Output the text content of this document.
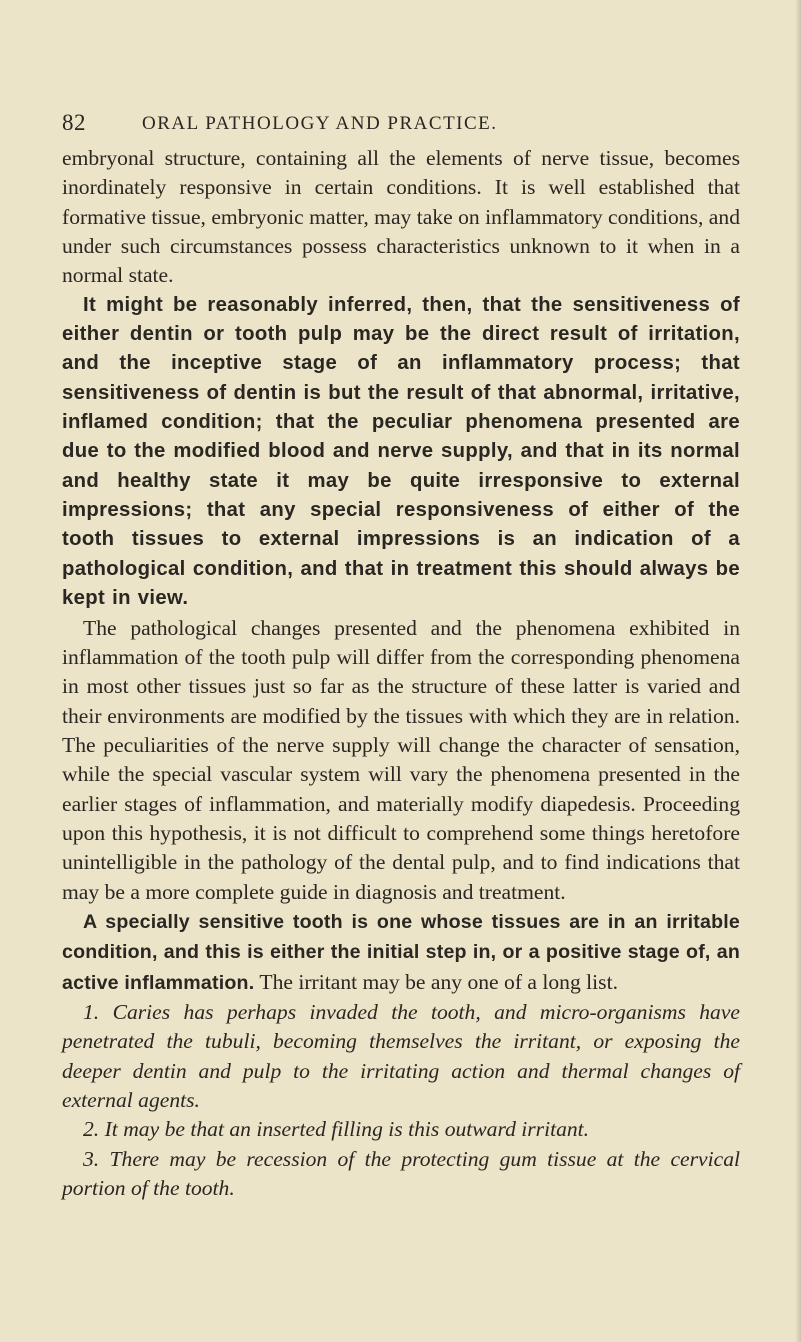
82	ORAL PATHOLOGY AND PRACTICE.

embryonal structure, containing all the elements of nerve tissue, becomes inordinately responsive in certain conditions. It is well established that formative tissue, embryonic matter, may take on inflammatory conditions, and under such circumstances possess characteristics unknown to it when in a normal state.

It might be reasonably inferred, then, that the sensitiveness of either dentin or tooth pulp may be the direct result of irritation, and the inceptive stage of an inflammatory process; that sensitiveness of dentin is but the result of that abnormal, irritative, inflamed condition; that the peculiar phenomena presented are due to the modified blood and nerve supply, and that in its normal and healthy state it may be quite irresponsive to external impressions; that any special responsiveness of either of the tooth tissues to external impressions is an indication of a pathological condition, and that in treatment this should always be kept in view.

The pathological changes presented and the phenomena exhibited in inflammation of the tooth pulp will differ from the corresponding phenomena in most other tissues just so far as the structure of these latter is varied and their environments are modified by the tissues with which they are in relation. The peculiarities of the nerve supply will change the character of sensation, while the special vascular system will vary the phenomena presented in the earlier stages of inflammation, and materially modify diapedesis. Proceeding upon this hypothesis, it is not difficult to comprehend some things heretofore unintelligible in the pathology of the dental pulp, and to find indications that may be a more complete guide in diagnosis and treatment.

A specially sensitive tooth is one whose tissues are in an irritable condition, and this is either the initial step in, or a positive stage of, an active inflammation. The irritant may be any one of a long list.

1. Caries has perhaps invaded the tooth, and micro-organisms have penetrated the tubuli, becoming themselves the irritant, or exposing the deeper dentin and pulp to the irritating action and thermal changes of external agents.

2. It may be that an inserted filling is this outward irritant.

3. There may be recession of the protecting gum tissue at the cervical portion of the tooth.
